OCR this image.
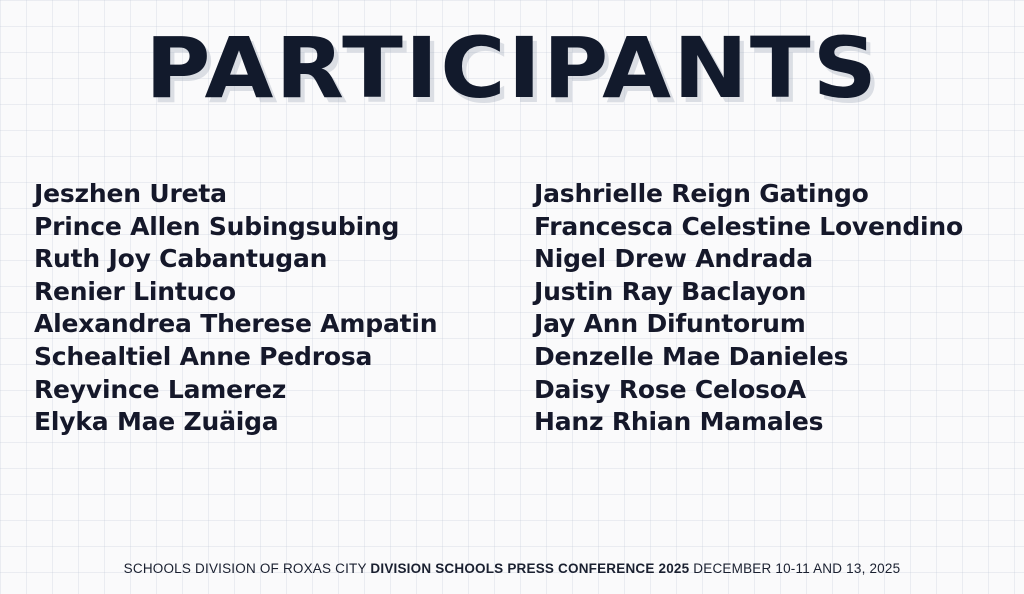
PARTICIPANTS
Jeszhen Ureta
Prince Allen Subingsubing
Ruth Joy Cabantugan
Renier Lintuco
Alexandrea Therese Ampatin
Schealtiel Anne Pedrosa
Reyvince Lamerez
Elyka Mae Zuäiga
Jashrielle Reign Gatingo
Francesca Celestine Lovendino
Nigel Drew Andrada
Justin Ray Baclayon
Jay Ann Difuntorum
Denzelle Mae Danieles
Daisy Rose CelosoA
Hanz Rhian Mamales
SCHOOLS DIVISION OF ROXAS CITY DIVISION SCHOOLS PRESS CONFERENCE 2025 DECEMBER 10-11 AND 13, 2025
